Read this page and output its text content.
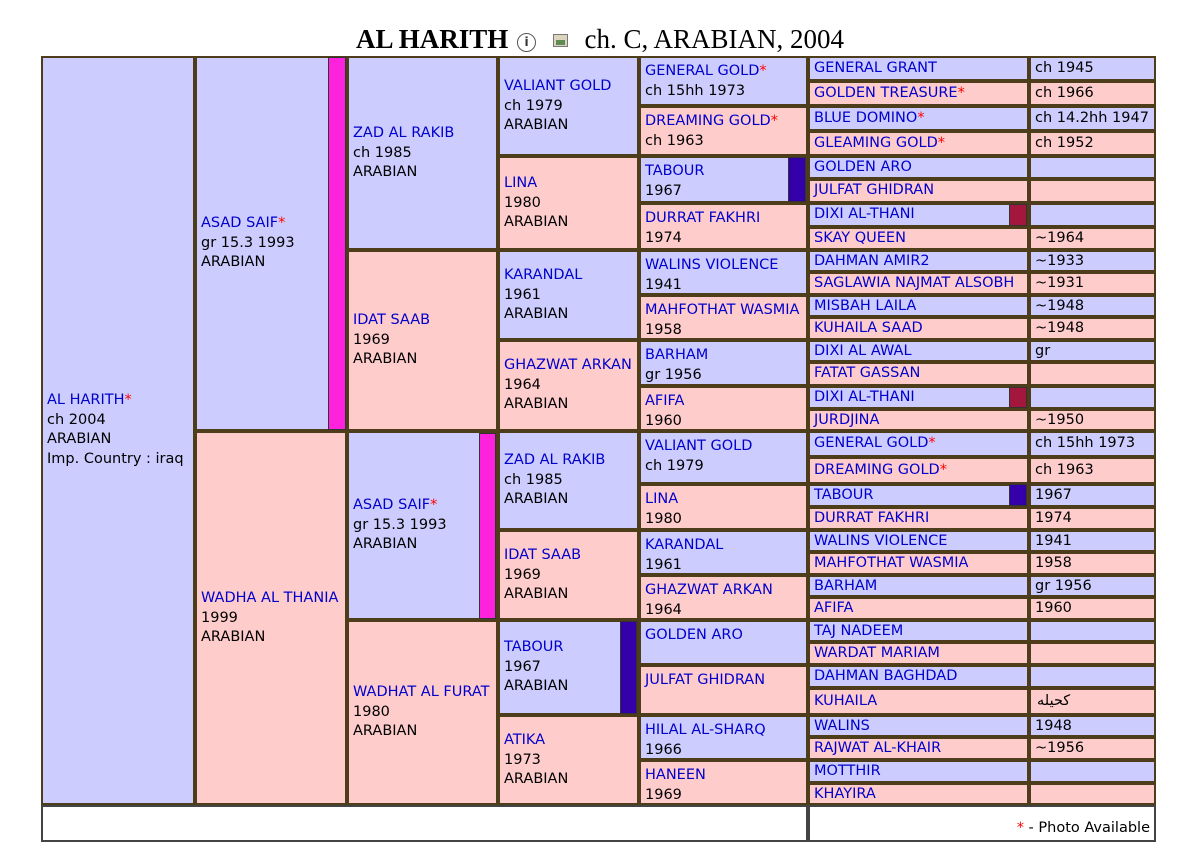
AL HARITH i ch. C, ARABIAN, 2004
AL HARITH*
ch 2004
ARABIAN
Imp. Country : iraq
ASAD SAIF*
gr 15.3 1993
ARABIAN
WADHA AL THANIA
1999
ARABIAN
ZAD AL RAKIB
ch 1985
ARABIAN
IDAT SAAB
1969
ARABIAN
ASAD SAIF*
gr 15.3 1993
ARABIAN
WADHAT AL FURAT
1980
ARABIAN
VALIANT GOLD
ch 1979
ARABIAN
LINA
1980
ARABIAN
KARANDAL
1961
ARABIAN
GHAZWAT ARKAN
1964
ARABIAN
ZAD AL RAKIB
ch 1985
ARABIAN
IDAT SAAB
1969
ARABIAN
TABOUR
1967
ARABIAN
ATIKA
1973
ARABIAN
GENERAL GOLD*
ch 15hh 1973
DREAMING GOLD*
ch 1963
TABOUR
1967
DURRAT FAKHRI
1974
WALINS VIOLENCE
1941
MAHFOTHAT WASMIA
1958
BARHAM
gr 1956
AFIFA
1960
VALIANT GOLD
ch 1979
LINA
1980
KARANDAL
1961
GHAZWAT ARKAN
1964
GOLDEN ARO
JULFAT GHIDRAN
HILAL AL-SHARQ
1966
HANEEN
1969
GENERAL GRANT	ch 1945
GOLDEN TREASURE*	ch 1966
BLUE DOMINO*	ch 14.2hh 1947
GLEAMING GOLD*	ch 1952
GOLDEN ARO
JULFAT GHIDRAN
DIXI AL-THANI
SKAY QUEEN	~1964
DAHMAN AMIR2	~1933
SAGLAWIA NAJMAT ALSOBH	~1931
MISBAH LAILA	~1948
KUHAILA SAAD	~1948
DIXI AL AWAL	gr
FATAT GASSAN
DIXI AL-THANI
JURDJINA	~1950
GENERAL GOLD*	ch 15hh 1973
DREAMING GOLD*	ch 1963
TABOUR	1967
DURRAT FAKHRI	1974
WALINS VIOLENCE	1941
MAHFOTHAT WASMIA	1958
BARHAM	gr 1956
AFIFA	1960
TAJ NADEEM
WARDAT MARIAM
DAHMAN BAGHDAD
KUHAILA	كحيله
WALINS	1948
RAJWAT AL-KHAIR	~1956
MOTTHIR
KHAYIRA
* - Photo Available
